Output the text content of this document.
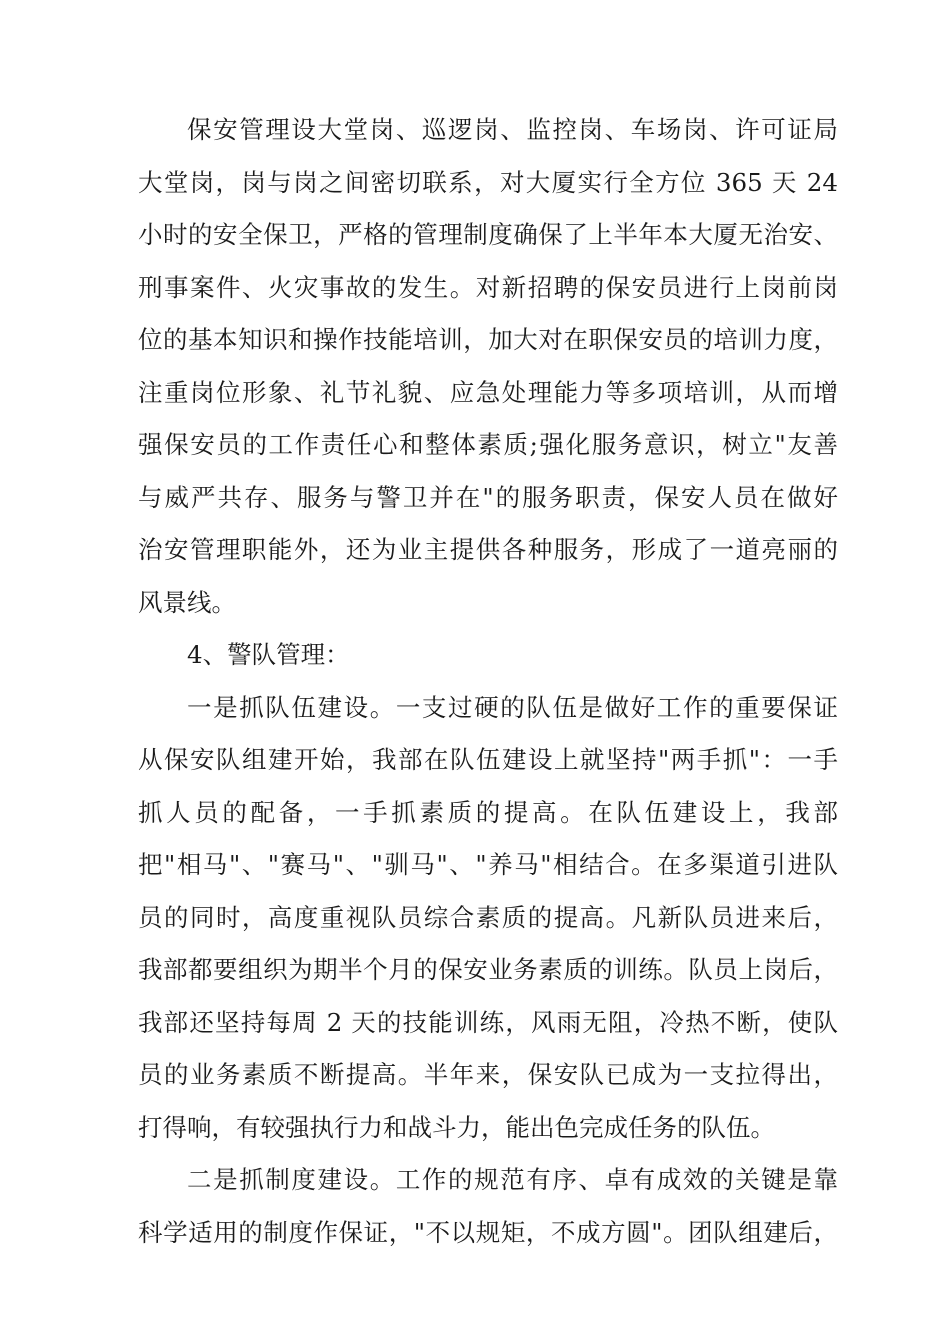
保安管理设大堂岗、巡逻岗、监控岗、车场岗、许可证局
大堂岗，岗与岗之间密切联系，对大厦实行全方位 365 天 24
小时的安全保卫，严格的管理制度确保了上半年本大厦无治安、
刑事案件、火灾事故的发生。对新招聘的保安员进行上岗前岗
位的基本知识和操作技能培训，加大对在职保安员的培训力度，
注重岗位形象、礼节礼貌、应急处理能力等多项培训，从而增
强保安员的工作责任心和整体素质;强化服务意识，树立"友善
与威严共存、服务与警卫并在"的服务职责，保安人员在做好
治安管理职能外，还为业主提供各种服务，形成了一道亮丽的
风景线。

4、警队管理：

一是抓队伍建设。一支过硬的队伍是做好工作的重要保证
从保安队组建开始，我部在队伍建设上就坚持"两手抓"：一手
抓人员的配备，一手抓素质的提高。在队伍建设上，我部
把"相马"、"赛马"、"驯马"、"养马"相结合。在多渠道引进队
员的同时，高度重视队员综合素质的提高。凡新队员进来后，
我部都要组织为期半个月的保安业务素质的训练。队员上岗后，
我部还坚持每周 2 天的技能训练，风雨无阻，冷热不断，使队
员的业务素质不断提高。半年来，保安队已成为一支拉得出，
打得响，有较强执行力和战斗力，能出色完成任务的队伍。

二是抓制度建设。工作的规范有序、卓有成效的关键是靠
科学适用的制度作保证，"不以规矩，不成方圆"。团队组建后，
